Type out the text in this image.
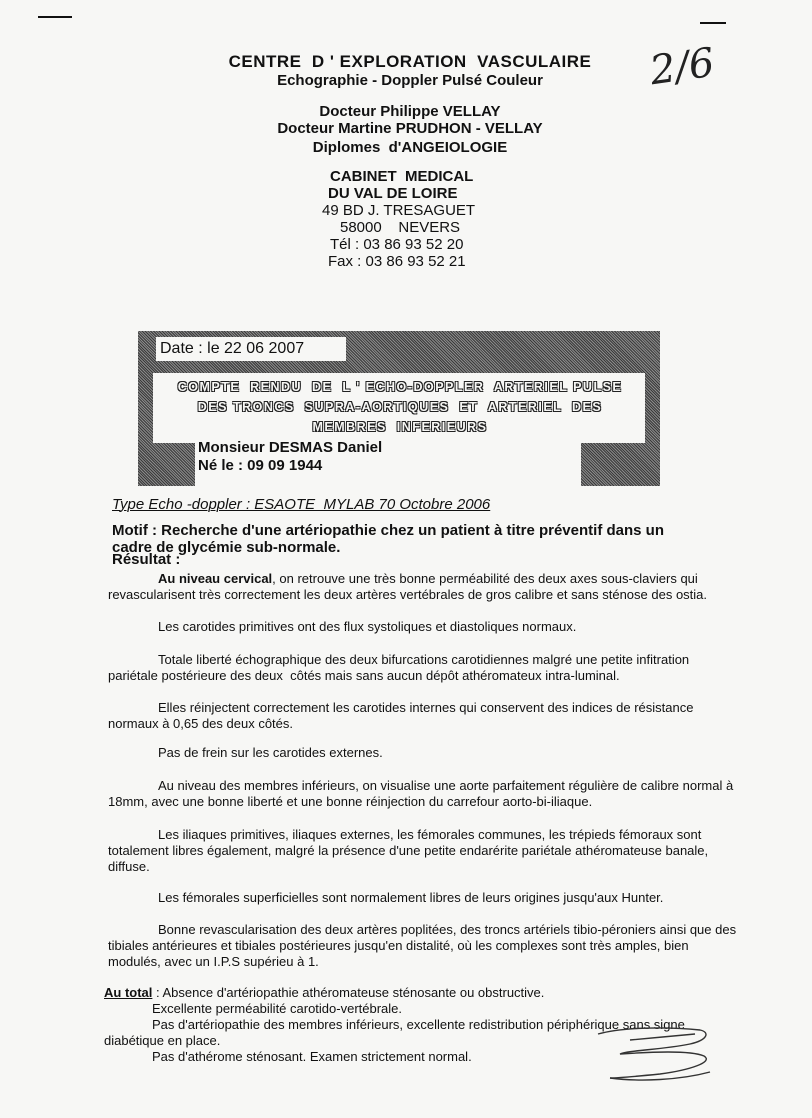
CENTRE  D ' EXPLORATION  VASCULAIRE
Echographie - Doppler Pulsé Couleur
Docteur Philippe VELLAY
Docteur Martine PRUDHON - VELLAY
Diplomes  d'ANGEIOLOGIE
2/6
CABINET  MEDICAL
DU VAL DE LOIRE
49 BD J. TRESAGUET
58000    NEVERS
Tél : 03 86 93 52 20
Fax : 03 86 93 52 21
Date : le 22 06 2007
COMPTE  RENDU  DE  L ' ECHO-DOPPLER  ARTERIEL PULSE
DES TRONCS  SUPRA-AORTIQUES  ET  ARTERIEL  DES
MEMBRES  INFERIEURS
Monsieur DESMAS Daniel
Né le : 09 09 1944
Type Echo -doppler : ESAOTE  MYLAB 70 Octobre 2006
Motif : Recherche d'une artériopathie chez un patient à titre préventif dans un
cadre de glycémie sub-normale.
Résultat :
Au niveau cervical, on retrouve une très bonne perméabilité des deux axes sous-claviers qui
revascularisent très correctement les deux artères vertébrales de gros calibre et sans sténose des ostia.
Les carotides primitives ont des flux systoliques et diastoliques normaux.
Totale liberté échographique des deux bifurcations carotidiennes malgré une petite infitration
pariétale postérieure des deux  côtés mais sans aucun dépôt athéromateux intra-luminal.
Elles réinjectent correctement les carotides internes qui conservent des indices de résistance
normaux à 0,65 des deux côtés.
Pas de frein sur les carotides externes.
Au niveau des membres inférieurs, on visualise une aorte parfaitement régulière de calibre normal à
18mm, avec une bonne liberté et une bonne réinjection du carrefour aorto-bi-iliaque.
Les iliaques primitives, iliaques externes, les fémorales communes, les trépieds fémoraux sont
totalement libres également, malgré la présence d'une petite endarérite pariétale athéromateuse banale,
diffuse.
Les fémorales superficielles sont normalement libres de leurs origines jusqu'aux Hunter.
Bonne revascularisation des deux artères poplitées, des troncs artériels tibio-péroniers ainsi que des
tibiales antérieures et tibiales postérieures jusqu'en distalité, où les complexes sont très amples, bien
modulés, avec un I.P.S supérieu à 1.
Au total : Absence d'artériopathie athéromateuse sténosante ou obstructive.
Excellente perméabilité carotido-vertébrale.
Pas d'artériopathie des membres inférieurs, excellente redistribution périphérique sans signe
diabétique en place.
Pas d'athérome sténosant. Examen strictement normal.
